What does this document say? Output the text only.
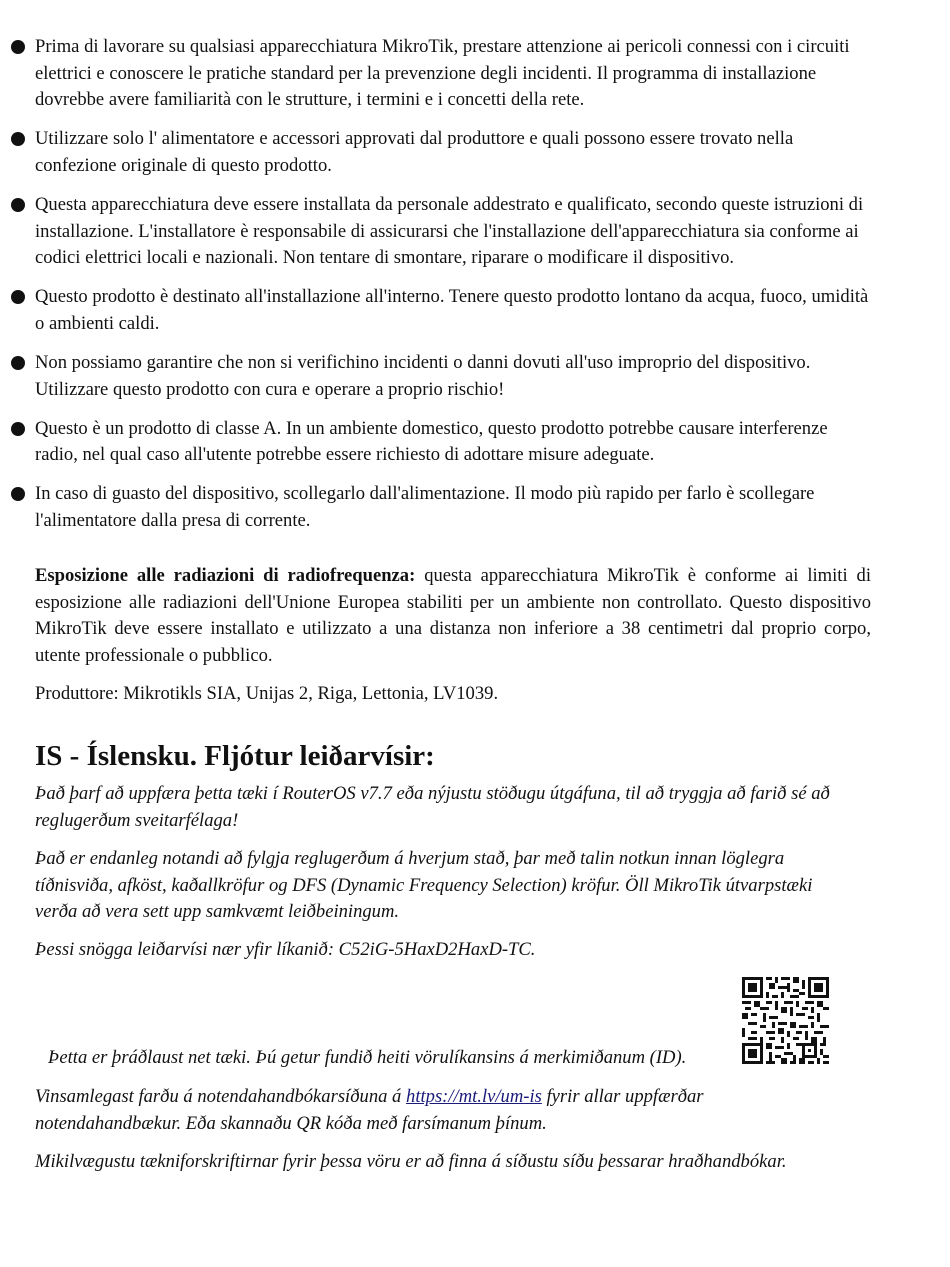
Prima di lavorare su qualsiasi apparecchiatura MikroTik, prestare attenzione ai pericoli connessi con i circuiti elettrici e conoscere le pratiche standard per la prevenzione degli incidenti. Il programma di installazione dovrebbe avere familiarità con le strutture, i termini e i concetti della rete.
Utilizzare solo l' alimentatore e accessori approvati dal produttore e quali possono essere trovato nella confezione originale di questo prodotto.
Questa apparecchiatura deve essere installata da personale addestrato e qualificato, secondo queste istruzioni di installazione. L'installatore è responsabile di assicurarsi che l'installazione dell'apparecchiatura sia conforme ai codici elettrici locali e nazionali. Non tentare di smontare, riparare o modificare il dispositivo.
Questo prodotto è destinato all'installazione all'interno. Tenere questo prodotto lontano da acqua, fuoco, umidità o ambienti caldi.
Non possiamo garantire che non si verifichino incidenti o danni dovuti all'uso improprio del dispositivo. Utilizzare questo prodotto con cura e operare a proprio rischio!
Questo è un prodotto di classe A. In un ambiente domestico, questo prodotto potrebbe causare interferenze radio, nel qual caso all'utente potrebbe essere richiesto di adottare misure adeguate.
In caso di guasto del dispositivo, scollegarlo dall'alimentazione. Il modo più rapido per farlo è scollegare l'alimentatore dalla presa di corrente.
Esposizione alle radiazioni di radiofrequenza: questa apparecchiatura MikroTik è conforme ai limiti di esposizione alle radiazioni dell'Unione Europea stabiliti per un ambiente non controllato. Questo dispositivo MikroTik deve essere installato e utilizzato a una distanza non inferiore a 38 centimetri dal proprio corpo, utente professionale o pubblico.
Produttore: Mikrotikls SIA, Unijas 2, Riga, Lettonia, LV1039.
IS - Íslensku. Fljótur leiðarvísir:
Það þarf að uppfæra þetta tæki í RouterOS v7.7 eða nýjustu stöðugu útgáfuna, til að tryggja að farið sé að reglugerðum sveitarfélaga!
Það er endanleg notandi að fylgja reglugerðum á hverjum stað, þar með talin notkun innan löglegra tíðnisviða, afköst, kaðallkröfur og DFS (Dynamic Frequency Selection) kröfur. Öll MikroTik útvarpstæki verða að vera sett upp samkvæmt leiðbeiningum.
Þessi snögga leiðarvísi nær yfir líkanið: C52iG-5HaxD2HaxD-TC.
Þetta er þráðlaust net tæki. Þú getur fundið heiti vörulíkansins á merkimiðanum (ID).
Vinsamlegast farðu á notendahandbókarsíðuna á https://mt.lv/um-is fyrir allar uppfærðar notendahandbækur. Eða skannaðu QR kóða með farsímanum þínum.
Mikilvægustu tækniforskriftirnar fyrir þessa vöru er að finna á síðustu síðu þessarar hraðhandbókar.
